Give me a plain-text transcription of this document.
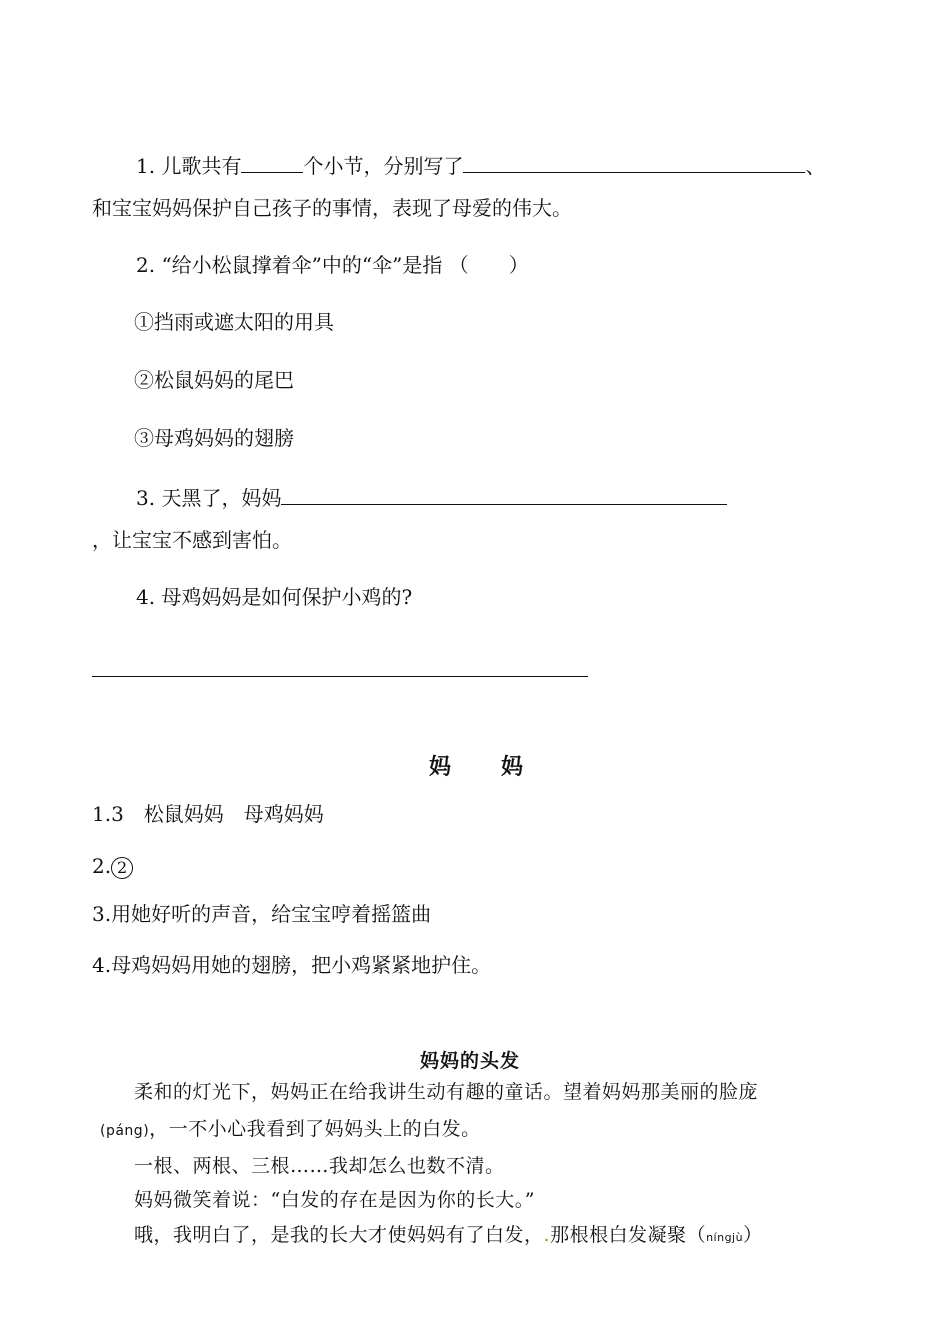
1. 儿歌共有	个小节，分别写了	、
和宝宝妈妈保护自己孩子的事情，表现了母爱的伟大。
2. “给小松鼠撑着伞”中的“伞”是指 （　　）
①挡雨或遮太阳的用具
②松鼠妈妈的尾巴
③母鸡妈妈的翅膀
3. 天黑了，妈妈
，让宝宝不感到害怕。
4. 母鸡妈妈是如何保护小鸡的?
妈　　妈
1.3　松鼠妈妈　母鸡妈妈
2. 2
3.用她好听的声音，给宝宝哼着摇篮曲
4.母鸡妈妈用她的翅膀，把小鸡紧紧地护住。
妈妈的头发
柔和的灯光下，妈妈正在给我讲生动有趣的童话。望着妈妈那美丽的脸庞
(páng)，一不小心我看到了妈妈头上的白发。
一根、两根、三根……我却怎么也数不清。
妈妈微笑着说：“白发的存在是因为你的长大。”
哦，我明白了，是我的长大才使妈妈有了白发，.那根根白发凝聚（níngjù）
